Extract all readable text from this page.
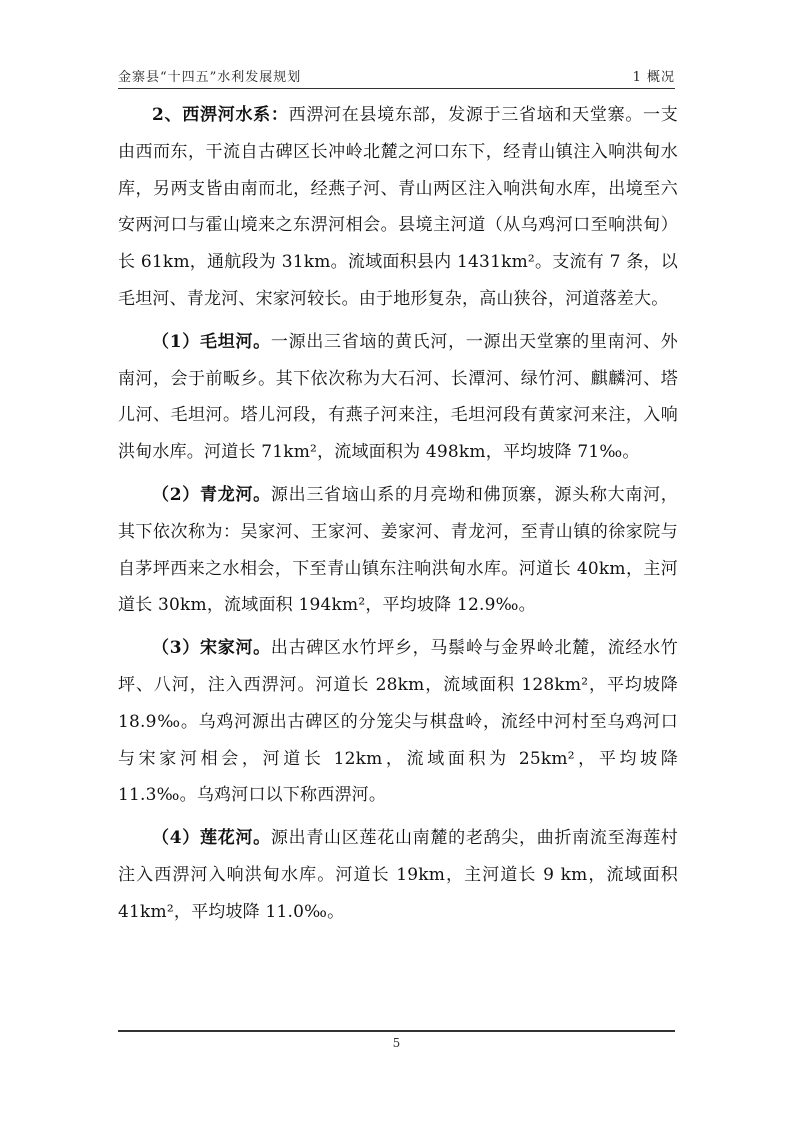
金寨县“十四五”水利发展规划	1 概况

2、西淠河水系：西淠河在县境东部，发源于三省垴和天堂寨。一支由西而东，干流自古碑区长冲岭北麓之河口东下，经青山镇注入响洪甸水库，另两支皆由南而北，经燕子河、青山两区注入响洪甸水库，出境至六安两河口与霍山境来之东淠河相会。县境主河道（从乌鸡河口至响洪甸）长 61km，通航段为 31km。流域面积县内 1431km²。支流有 7 条，以毛坦河、青龙河、宋家河较长。由于地形复杂，高山狭谷，河道落差大。

（1）毛坦河。一源出三省垴的黄氏河，一源出天堂寨的里南河、外南河，会于前畈乡。其下依次称为大石河、长潭河、绿竹河、麒麟河、塔儿河、毛坦河。塔儿河段，有燕子河来注，毛坦河段有黄家河来注，入响洪甸水库。河道长 71km²，流域面积为 498km，平均坡降 71‰。

（2）青龙河。源出三省垴山系的月亮坳和佛顶寨，源头称大南河，其下依次称为：吴家河、王家河、姜家河、青龙河，至青山镇的徐家院与自茅坪西来之水相会，下至青山镇东注响洪甸水库。河道长 40km，主河道长 30km，流域面积 194km²，平均坡降 12.9‰。

（3）宋家河。出古碑区水竹坪乡，马鬃岭与金界岭北麓，流经水竹坪、八河，注入西淠河。河道长 28km，流域面积 128km²，平均坡降 18.9‰。乌鸡河源出古碑区的分笼尖与棋盘岭，流经中河村至乌鸡河口与宋家河相会，河道长 12km，流域面积为 25km²，平均坡降 11.3‰。乌鸡河口以下称西淠河。

（4）莲花河。源出青山区莲花山南麓的老鸹尖，曲折南流至海莲村注入西淠河入响洪甸水库。河道长 19km，主河道长 9 km，流域面积 41km²，平均坡降 11.0‰。

5
